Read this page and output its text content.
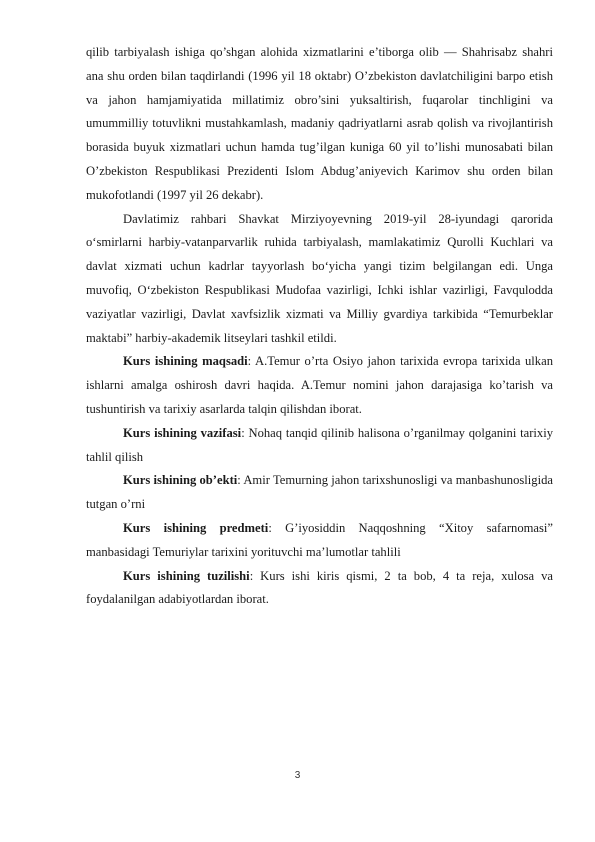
qilib tarbiyalash ishiga qo’shgan alohida xizmatlarini e’tiborga olib — Shahrisabz shahri ana shu orden bilan taqdirlandi (1996 yil 18 oktabr) O’zbekiston davlatchiligini barpo etish va jahon hamjamiyatida millatimiz obro’sini yuksaltirish, fuqarolar tinchligini va umummilliy totuvlikni mustahkamlash, madaniy qadriyatlarni asrab qolish va rivojlantirish borasida buyuk xizmatlari uchun hamda tug’ilgan kuniga 60 yil to’lishi munosabati bilan O’zbekiston Respublikasi Prezidenti Islom Abdug’aniyevich Karimov shu orden bilan mukofotlandi (1997 yil 26 dekabr).

Davlatimiz rahbari Shavkat Mirziyoyevning 2019-yil 28-iyundagi qarorida o‘smirlarni harbiy-vatanparvarlik ruhida tarbiyalash, mamlakatimiz Qurolli Kuchlari va davlat xizmati uchun kadrlar tayyorlash bo‘yicha yangi tizim belgilangan edi. Unga muvofiq, O‘zbekiston Respublikasi Mudofaa vazirligi, Ichki ishlar vazirligi, Favqulodda vaziyatlar vazirligi, Davlat xavfsizlik xizmati va Milliy gvardiya tarkibida “Temurbeklar maktabi” harbiy-akademik litseylari tashkil etildi.

Kurs ishining maqsadi: A.Temur o’rta Osiyo jahon tarixida evropa tarixida ulkan ishlarni amalga oshirosh davri haqida. A.Temur nomini jahon darajasiga ko’tarish va tushuntirish va tarixiy asarlarda talqin qilishdan iborat.

Kurs ishining vazifasi: Nohaq tanqid qilinib halisona o’rganilmay qolganini tarixiy tahlil qilish

Kurs ishining ob’ekti: Amir Temurning jahon tarixshunosligi va manbashunosligida tutgan o’rni

Kurs ishining predmeti: G’iyosiddin Naqqoshning “Xitoy safarnomasi” manbasidagi Temuriylar tarixini yorituvchi ma’lumotlar tahlili

Kurs ishining tuzilishi: Kurs ishi kiris qismi, 2 ta bob, 4 ta reja, xulosa va foydalanilgan adabiyotlardan iborat.

3
